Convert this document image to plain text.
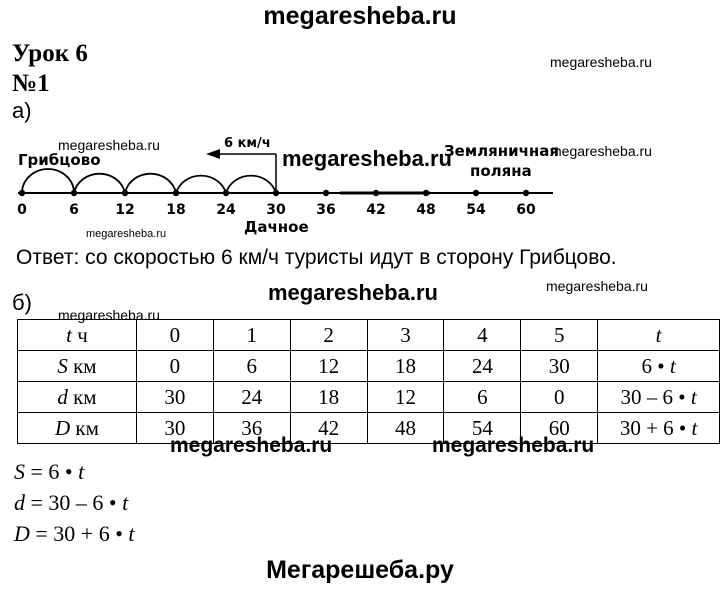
megaresheba.ru
Урок 6
№1
а)
megaresheba.ru
megaresheba.ru	megaresheba.ru
megaresheba.ru
6 км/ч
Грибцово	Земляничная
поляна
Дачное
0	6	12 18 24 30 36 42 48 54 60
megaresheba.ru
Ответ: со скоростью 6 км/ч туристы идут в сторону Грибцово.
б)	megaresheba.ru	megaresheba.ru
t ч	0	1	2	3	4	5	t
S км	0	6	12	18	24	30	6 • t
d км	30	24	18	12	6	0	30 – 6 • t
D км	30	36	42	48	54	60	30 + 6 • t
megaresheba.ru
megaresheba.ru	megaresheba.ru
S = 6 • t
d = 30 – 6 • t
D = 30 + 6 • t
Мегарешеба.ру
